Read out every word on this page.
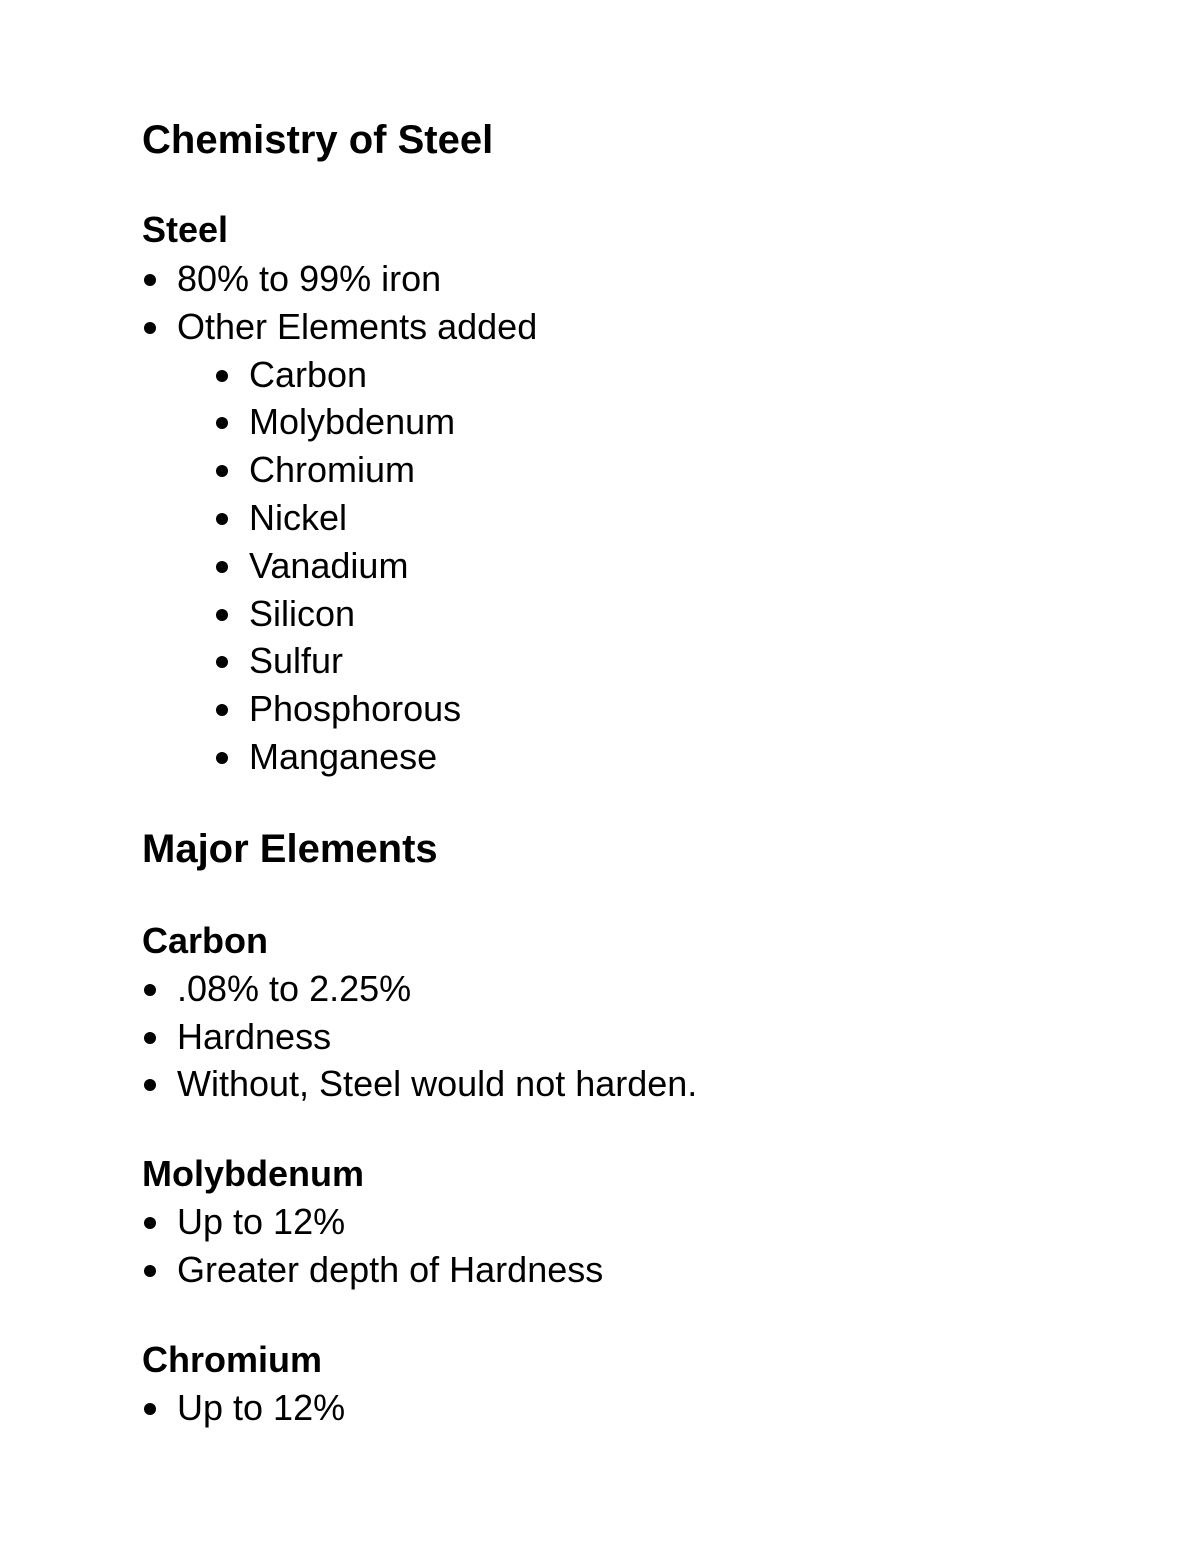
Chemistry of Steel
Steel
80% to 99% iron
Other Elements added
Carbon
Molybdenum
Chromium
Nickel
Vanadium
Silicon
Sulfur
Phosphorous
Manganese
Major Elements
Carbon
.08% to 2.25%
Hardness
Without, Steel would not harden.
Molybdenum
Up to 12%
Greater depth of Hardness
Chromium
Up to 12%
